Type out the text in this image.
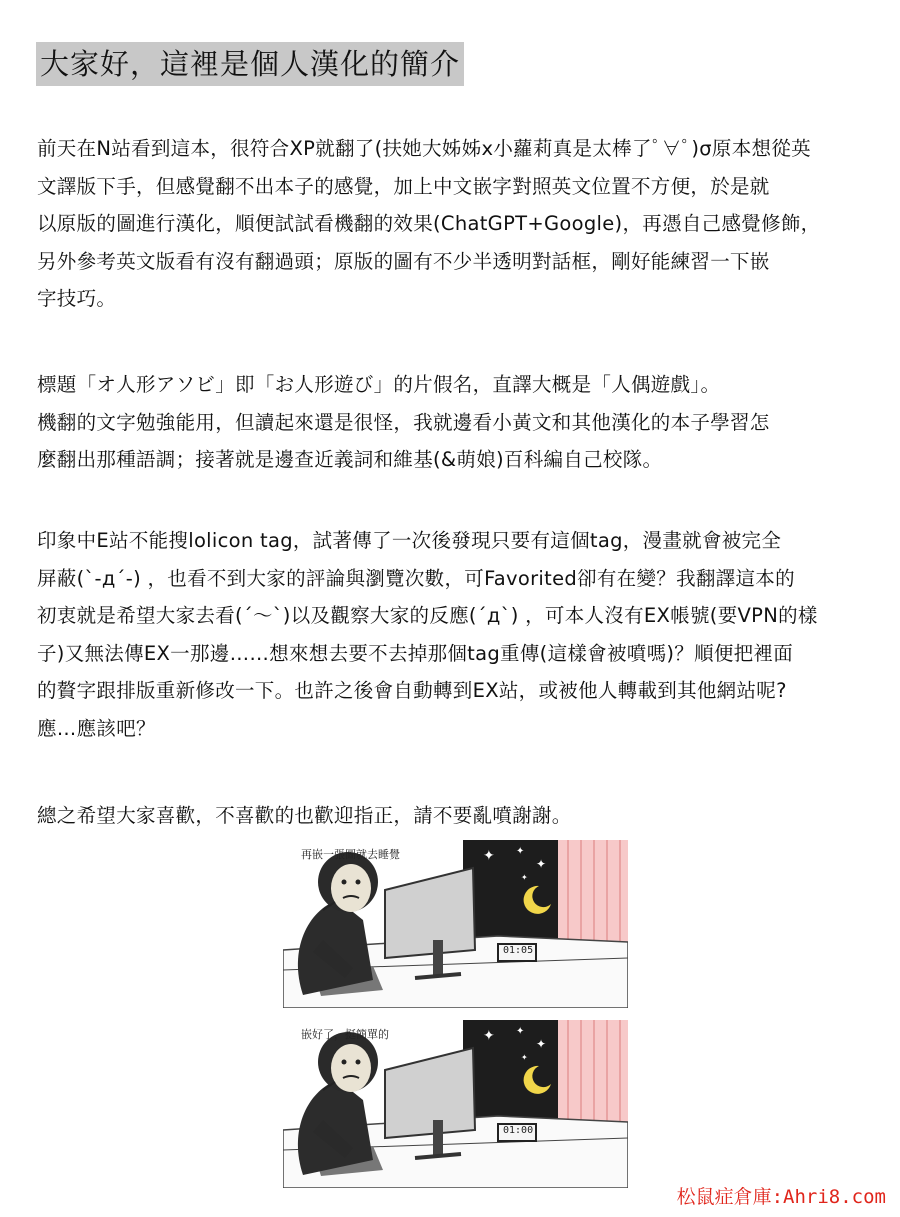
大家好，這裡是個人漢化的簡介

前天在N站看到這本，很符合XP就翻了(扶她大姊姊x小蘿莉真是太棒了ﾟ∀ﾟ)σ原本想從英
文譯版下手，但感覺翻不出本子的感覺，加上中文嵌字對照英文位置不方便，於是就
以原版的圖進行漢化，順便試試看機翻的效果(ChatGPT+Google)，再憑自己感覺修飾，
另外參考英文版看有沒有翻過頭；原版的圖有不少半透明對話框，剛好能練習一下嵌
字技巧。

標題「オ人形アソビ」即「お人形遊び」的片假名，直譯大概是「人偶遊戲」。
機翻的文字勉強能用，但讀起來還是很怪，我就邊看小黃文和其他漢化的本子學習怎
麼翻出那種語調；接著就是邊查近義詞和維基(&萌娘)百科編自己校隊。

印象中E站不能搜lolicon tag，試著傳了一次後發現只要有這個tag，漫畫就會被完全
屏蔽(`-д´-) ，也看不到大家的評論與瀏覽次數，可Favorited卻有在變？我翻譯這本的
初衷就是希望大家去看(´～`)以及觀察大家的反應(´д`) ，可本人沒有EX帳號(要VPN的樣
子)又無法傳EX一那邊……想來想去要不去掉那個tag重傳(這樣會被噴嗎)？順便把裡面
的贅字跟排版重新修改一下。也許之後會自動轉到EX站，或被他人轉載到其他網站呢?
應…應該吧？

總之希望大家喜歡，不喜歡的也歡迎指正，請不要亂噴謝謝。

✦ ✦
✦
✦
再嵌一張圖就去睡覺
01:05
✦ ✦
✦
✦
嵌好了，挺簡單的
01:00
松鼠症倉庫:Ahri8.com
